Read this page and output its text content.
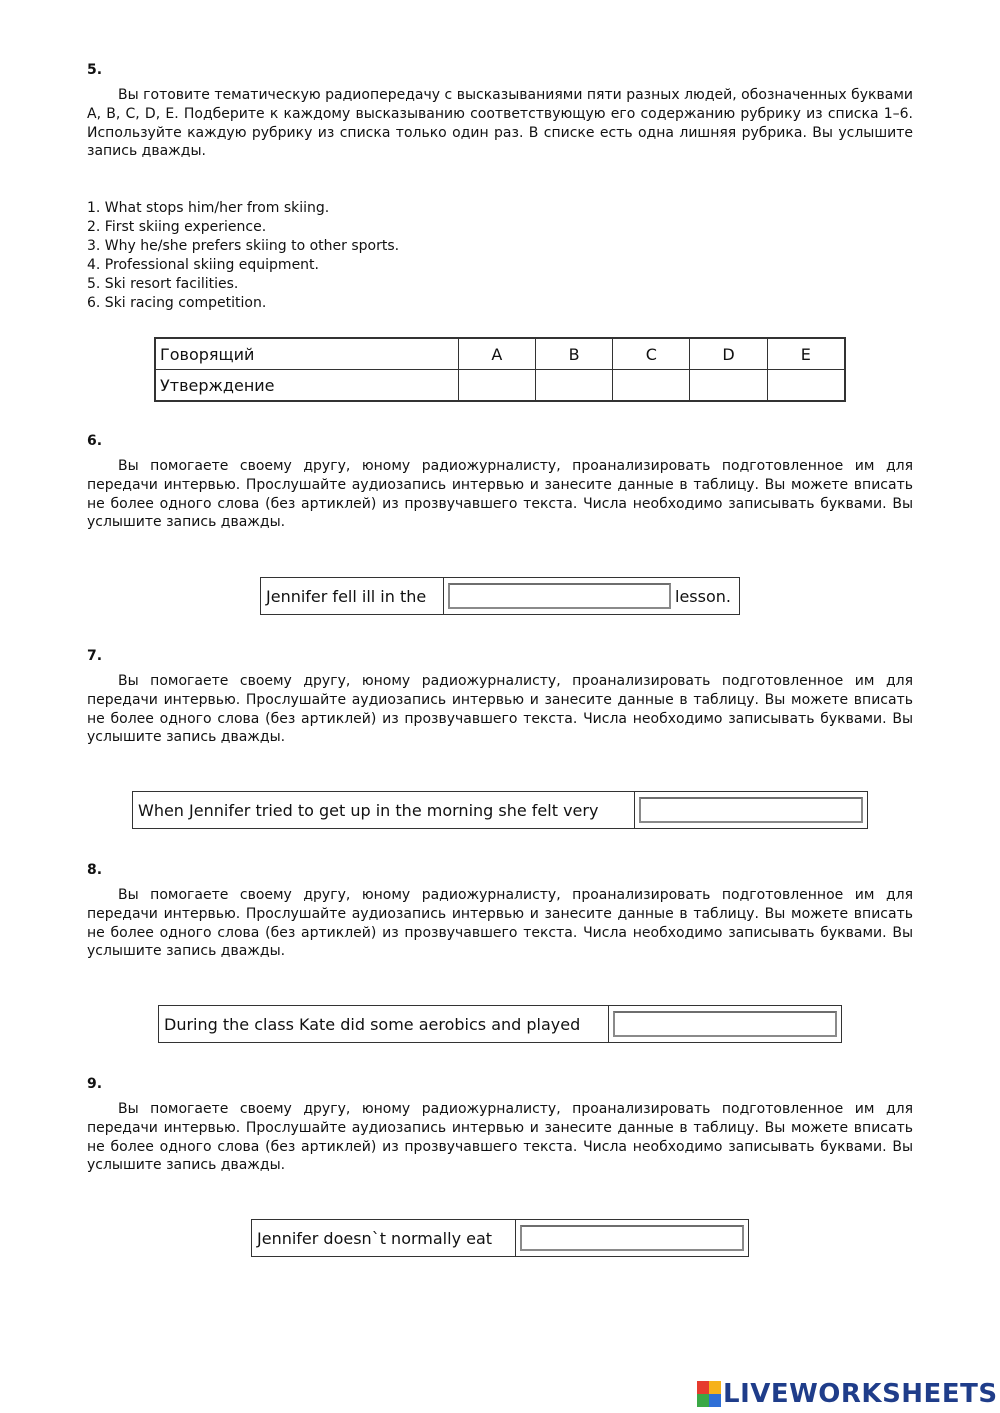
5.

Вы готовите тематическую радиопередачу с высказываниями пяти разных людей, обозначенных буквами A, B, C, D, E. Подберите к каждому высказыванию соответствующую его содержанию рубрику из списка 1–6. Используйте каждую рубрику из списка только один раз. В списке есть одна лишняя рубрика. Вы услышите запись дважды.

1. What stops him/her from skiing.
2. First skiing experience.
3. Why he/she prefers skiing to other sports.
4. Professional skiing equipment.
5. Ski resort facilities.
6. Ski racing competition.
Говорящий	A	B	C	D	E
Утверждение					
6.

Вы помогаете своему другу, юному радиожурналисту, проанализировать подготовленное им для передачи интервью. Прослушайте аудиозапись интервью и занесите данные в таблицу. Вы можете вписать не более одного слова (без артиклей) из прозвучавшего текста. Числа необходимо записывать буквами. Вы услышите запись дважды.

Jennifer fell ill in the	lesson.
7.

Вы помогаете своему другу, юному радиожурналисту, проанализировать подготовленное им для передачи интервью. Прослушайте аудиозапись интервью и занесите данные в таблицу. Вы можете вписать не более одного слова (без артиклей) из прозвучавшего текста. Числа необходимо записывать буквами. Вы услышите запись дважды.

When Jennifer tried to get up in the morning she felt very
8.

Вы помогаете своему другу, юному радиожурналисту, проанализировать подготовленное им для передачи интервью. Прослушайте аудиозапись интервью и занесите данные в таблицу. Вы можете вписать не более одного слова (без артиклей) из прозвучавшего текста. Числа необходимо записывать буквами. Вы услышите запись дважды.

During the class Kate did some aerobics and played
9.

Вы помогаете своему другу, юному радиожурналисту, проанализировать подготовленное им для передачи интервью. Прослушайте аудиозапись интервью и занесите данные в таблицу. Вы можете вписать не более одного слова (без артиклей) из прозвучавшего текста. Числа необходимо записывать буквами. Вы услышите запись дважды.

Jennifer doesn`t normally eat
LIVEWORKSHEETS
